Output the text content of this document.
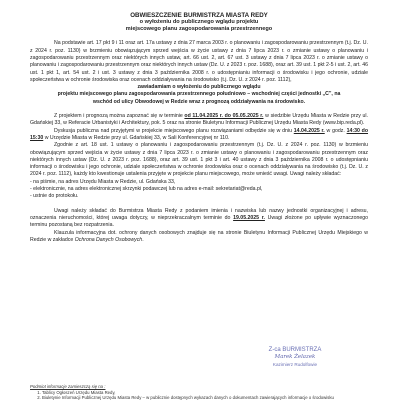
OBWIESZCZENIE BURMISTRZA MIASTA REDY
o wyłożeniu do publicznego wglądu projektu
miejscowego planu zagospodarowania przestrzennego

Na podstawie art. 17 pkt 9 i 11 oraz art. 17a ustawy z dnia 27 marca 2003 r. o planowaniu i zagospodarowaniu przestrzennym (t.j. Dz. U. z 2024 r. poz. 1130) w brzmieniu obowiązującym sprzed wejścia w życie ustawy z dnia 7 lipca 2023 r. o zmianie ustawy o planowaniu i zagospodarowaniu przestrzennym oraz niektórych innych ustaw, art. 66 ust. 2, art. 67 ust. 3 ustawy z dnia 7 lipca 2023 r. o zmianie ustawy o planowaniu i zagospodarowaniu przestrzennym oraz niektórych innych ustaw (Dz. U. z 2023 r. poz. 1688), oraz art. 39 ust. 1 pkt 2-5 i ust. 2, art. 46 ust. 1 pkt 1, art. 54 ust. 2 i ust. 3 ustawy z dnia 3 października 2008 r. o udostępnianiu informacji o środowisku i jego ochronie, udziale społeczeństwa w ochronie środowiska oraz ocenach oddziaływania na środowisko (t.j. Dz. U. z 2024 r. poz. 1112),

zawiadamiam o wyłożeniu do publicznego wglądu

projektu miejscowego planu zagospodarowania przestrzennego południowo – wschodniej części jednostki „C”, na

wschód od ulicy Obwodowej w Redzie wraz z prognozą oddziaływania na środowisko.

Z projektem i prognozą można zapoznać się w terminie od 11.04.2025 r. do 05.05.2025 r. w siedzibie Urzędu Miasta w Redzie przy ul. Gdańskiej 33, w Referacie Urbanistyki i Architektury, pok. 5 oraz na stronie Biuletynu Informacji Publicznej Urzędu Miasta Redy (www.bip.reda.pl).

Dyskusja publiczna nad przyjętymi w projekcie miejscowego planu rozwiązaniami odbędzie się w dniu 14.04.2025 r. w godz. 14:30 do 15:30 w Urzędzie Miasta w Redzie przy ul. Gdańskiej 33, w Sali Konferencyjnej nr 110.

Zgodnie z art. 18 ust. 1 ustawy o planowaniu i zagospodarowaniu przestrzennym (t.j. Dz. U. z 2024 r. poz. 1130) w brzmieniu obowiązującym sprzed wejścia w życie ustawy z dnia 7 lipca 2023 r. o zmianie ustawy o planowaniu i zagospodarowaniu przestrzennym oraz niektórych innych ustaw (Dz. U. z 2023 r. poz. 1688), oraz art. 39 ust. 1 pkt 3 i art. 40 ustawy z dnia 3 października 2008 r. o udostępnianiu informacji o środowisku i jego ochronie, udziale społeczeństwa w ochronie środowiska oraz o ocenach oddziaływania na środowisko (t.j. Dz. U. z 2024 r. poz. 1112), każdy kto kwestionuje ustalenia przyjęte w projekcie planu miejscowego, może wnieść uwagi. Uwagi należy składać:

- na piśmie, na adres Urzędu Miasta w Redzie, ul. Gdańska 33,

- elektronicznie, na adres elektronicznej skrzynki podawczej lub na adres e-mail: sekretariat@reda.pl,

- ustnie do protokołu.

Uwagi należy składać do Burmistrza Miasta Redy z podaniem imienia i nazwiska lub nazwy jednostki organizacyjnej i adresu, oznaczenia nieruchomości, której uwaga dotyczy, w nieprzekraczalnym terminie do 19.05.2025 r. Uwagi złożone po upływie wyznaczonego terminu pozostaną bez rozpatrzenia.

Klauzula informacyjna dot. ochrony danych osobowych znajduje się na stronie Biuletynu Informacji Publicznej Urzędu Miejskiego w Redzie w zakładce Ochrona Danych Osobowych.

Z-ca BURMISTRZA
Marek Żelazek
Kazimierz Rudolfowie
Podmiot informacje zamieszczą się na :
1. Tablicy Ogłoszeń Urzędu Miasta Redy,
2. Biuletynie Informacji Publicznej Urzędu Miasta Redy – w publicznie dostępnych wykazach danych o dokumentach zawierających informacje o środowisku
